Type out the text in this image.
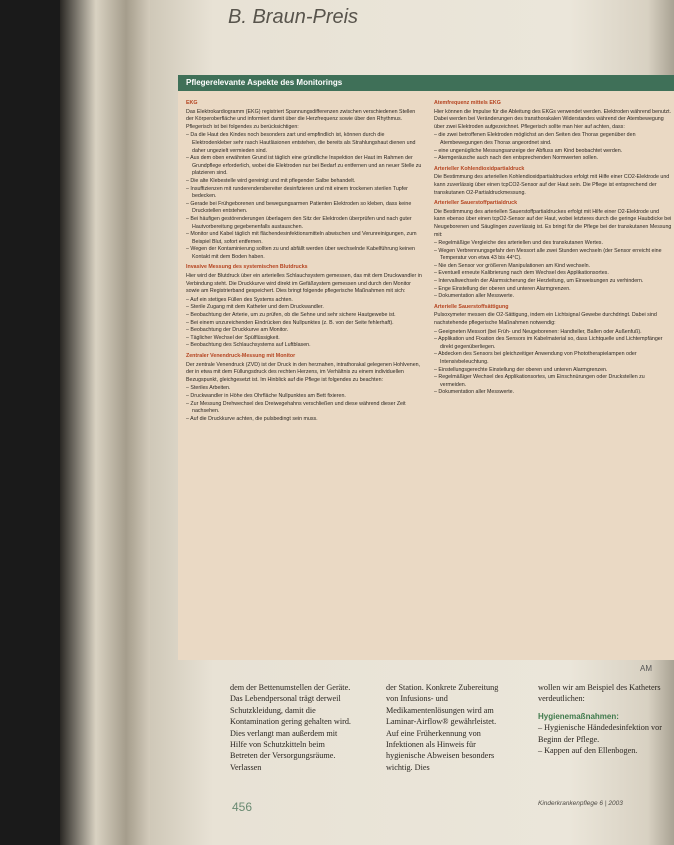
B. Braun-Preis
Pflegerelevante Aspekte des Monitorings
EKG
Das Elektrokardiogramm (EKG) registriert Spannungsdifferenzen zwischen verschiedenen Stellen der Körperoberfläche und informiert damit über die Herzfrequenz sowie über den Rhythmus. Pflegerisch ist bei folgendes zu berücksichtigen:
– Da die Haut des Kindes noch besonders zart und empfindlich ist, können durch die Elektrodenkleber sehr rasch Hautläsionen entstehen, die bereits als Strahlungshaut dienen und daher ungezielt vermieden sind.
– Aus dem oben erwähnten Grund ist täglich eine gründliche Inspektion der Haut im Rahmen der Grundpflege erforderlich, wobei die Elektroden nur bei Bedarf zu entfernen und an neuer Stelle zu platzieren sind.
– Die alte Klebestelle wird gereinigt und mit pflegender Salbe behandelt.
– Insuffizienzen mit runderendersbereiter desinfizieren und mit einem trockenen sterilen Tupfer bedecken.
– Gerade bei Frühgeborenen und bewegungsarmen Patienten Elektroden so kleben, dass keine Druckstellen entstehen.
– Bei häufigen gestörenderungen überlagern den Sitz der Elektroden überprüfen und nach guter Hautvorbereitung gegebenenfalls austauschen.
– Monitor und Kabel täglich mit flächendesinfektionsmitteln abwischen und Verunreinigungen, zum Beispiel Blut, sofort entfernen.
– Wegen der Kontaminierung sollten zu und abfällt werden über wechselnde Kabelführung keinen Kontakt mit dem Boden haben.
Invasive Messung des systemischen Blutdrucks
Hier wird der Blutdruck über ein arterielles Schlauchsystem gemessen, das mit dem Druckwandler in Verbindung steht. Die Druckkurve wird direkt im Gefäßsystem gemessen und durch den Monitor sowie am Registrierband gespeichert. Dies bringt folgende pflegerische Maßnahmen mit sich:
– Auf ein stetiges Füllen des Systems achten.
– Sterile Zugang mit dem Katheter und dem Druckwandler.
– Beobachtung der Arterie, um zu prüfen, ob die Sehne und sehr sichere Hautgewebe ist.
– Bei einem unzureichenden Eindrücken des Nullpunktes (z. B. von der Seite fehlerhaft).
– Beobachtung der Druckkurve am Monitor.
– Täglicher Wechsel der Spülflüssigkeit.
– Beobachtung des Schlauchsystems auf Luftblasen.
Zentraler Venendruck-Messung mit Monitor
Der zentrale Venendruck (ZVD) ist der Druck in den herznahen, intrathorakal gelegenen Hohlvenen, der in etwa mit dem Füllungsdruck des rechten Herzens, im Verhältnis zu einem individuellen Bezugspunkt, gleichgesetzt ist. Im Hinblick auf die Pflege ist folgendes zu beachten:
– Steriles Arbeiten.
– Druckwandler in Höhe des Ohrfläche Nullpunktes am Bett fixieren.
– Zur Messung Drehwechsel des Dreiwegehahns verschließen und diese während dieser Zeit nachsehen.
– Auf die Druckkurve achten, die pulsbedingt sein muss.
Atemfrequenz mittels EKG
Hier können die Impulse für die Ableitung des EKGs verwendet werden. Elektroden während benutzt. Dabei werden bei Veränderungen des transthorakalen Widerstandes während der Atembewegung über zwei Elektroden aufgezeichnet. Pflegerisch sollte man hier auf achten, dass:
– die zwei betroffenen Elektroden möglichst an den Seiten des Thorax gegenüber den Atembewegungen des Thorax angeordnet sind.
– eine ungenügliche Messungsanzeige der Abfluss am Kind beobachtet werden.
– Atemgeräusche auch nach den entsprechenden Normwerten sollen.
Arterieller Kohlendioxidpartialdruck
Die Bestimmung des arteriellen Kohlendioxidpartialdruckes erfolgt mit Hilfe einer CO2-Elektrode und kann zuverlässig über einen tcpCO2-Sensor auf der Haut sein. Die Pflege ist entsprechend der transkutanen O2-Partialdruckmessung.
Arterieller Sauerstoffpartialdruck
Die Bestimmung des arteriellen Sauerstoffpartialdruckes erfolgt mit Hilfe einer O2-Elektrode und kann ebenso über einen tcpO2-Sensor auf der Haut, wobei letzteres durch die geringe Haubdicke bei Neugeborenen und Säuglingen zuverlässig ist. Es bringt für die Pflege bei der transkutanen Messung mit:
– Regelmäßige Vergleiche des arteriellen und des transkutanen Wertes.
– Wegen Verbrennungsgefahr den Messort alle zwei Stunden wechseln (der Sensor erreicht eine Temperatur von etwa 43 bis 44°C).
– Nie den Sensor vor größeren Manipulationen am Kind wechseln.
– Eventuell erneute Kalibrierung nach dem Wechsel des Applikationsortes.
– Intervallwechseln der Alarmsicherung der Herzleitung, um Einweisungen zu verhindern.
– Enge Einstellung der oberen und unteren Alarmgrenzen.
– Dokumentation aller Messwerte.
Arterielle Sauerstoffsättigung
Pulsoxymeter messen die O2-Sättigung, indem ein Lichtsignal Gewebe durchdringt. Dabei sind nachstehende pflegerische Maßnahmen notwendig:
– Geeigneten Messort (bei Früh- und Neugeborenen: Handteller, Ballen oder Außenfuß).
– Applikation und Fixation des Sensors im Kabelmaterial so, dass Lichtquelle und Lichtempfänger direkt gegenüberliegen.
– Abdecken des Sensors bei gleichzeitiger Anwendung von Phototherapielampen oder Intensivbeleuchtung.
– Einstellungsgerechte Einstellung der oberen und unteren Alarmgrenzen.
– Regelmäßiger Wechsel des Applikationsortes, um Einschnürungen oder Druckstellen zu vermeiden.
– Dokumentation aller Messwerte.
AM
dem der Bettenumstellen der Geräte. Das Lebendpersonal trägt derweil Schutzkleidung, damit die Kontamination gering gehalten wird. Dies verlangt man außerdem mit Hilfe von Schutzkitteln beim Betreten der Versorgungsräume. Verlassen
der Station. Konkrete Zubereitung von Infusions- und Medikamentenlösungen wird am Laminar-Airflow® gewährleistet. Auf eine Früherkennung von Infektionen als Hinweis für hygienische Abweisen besonders wichtig. Dies
wollen wir am Beispiel des Katheters verdeutlichen:
Hygienemaßnahmen:
– Hygienische Händedesinfektion vor Beginn der Pflege.
– Kappen auf den Ellenbogen.
456	Kinderkrankenpflege 6 | 2003
